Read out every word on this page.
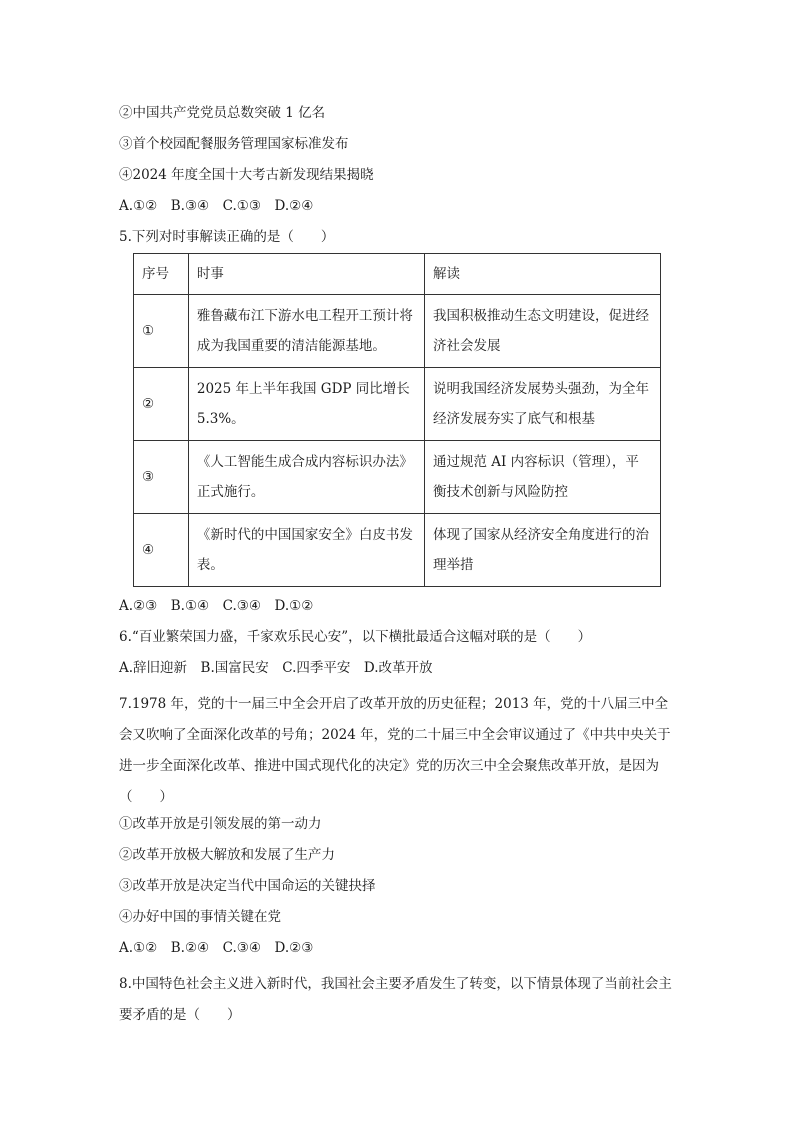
②中国共产党党员总数突破 1 亿名
③首个校园配餐服务管理国家标准发布
④2024 年度全国十大考古新发现结果揭晓
A.①②　B.③④　C.①③　D.②④
5.下列对时事解读正确的是（　　）
序号	时事	解读
①	雅鲁藏布江下游水电工程开工预计将成为我国重要的清洁能源基地。	我国积极推动生态文明建设，促进经济社会发展
②	2025 年上半年我国 GDP 同比增长 5.3%。	说明我国经济发展势头强劲，为全年经济发展夯实了底气和根基
③	《人工智能生成合成内容标识办法》正式施行。	通过规范 AI 内容标识（管理），平衡技术创新与风险防控
④	《新时代的中国国家安全》白皮书发表。	体现了国家从经济安全角度进行的治理举措
A.②③　B.①④　C.③④　D.①②
6.“百业繁荣国力盛，千家欢乐民心安”，以下横批最适合这幅对联的是（　　）
A.辞旧迎新　B.国富民安　C.四季平安　D.改革开放
7.1978 年，党的十一届三中全会开启了改革开放的历史征程；2013 年，党的十八届三中全会又吹响了全面深化改革的号角；2024 年，党的二十届三中全会审议通过了《中共中央关于进一步全面深化改革、推进中国式现代化的决定》党的历次三中全会聚焦改革开放，是因为（　　）
①改革开放是引领发展的第一动力
②改革开放极大解放和发展了生产力
③改革开放是决定当代中国命运的关键抉择
④办好中国的事情关键在党
A.①②　B.②④　C.③④　D.②③
8.中国特色社会主义进入新时代，我国社会主要矛盾发生了转变，以下情景体现了当前社会主要矛盾的是（　　）
